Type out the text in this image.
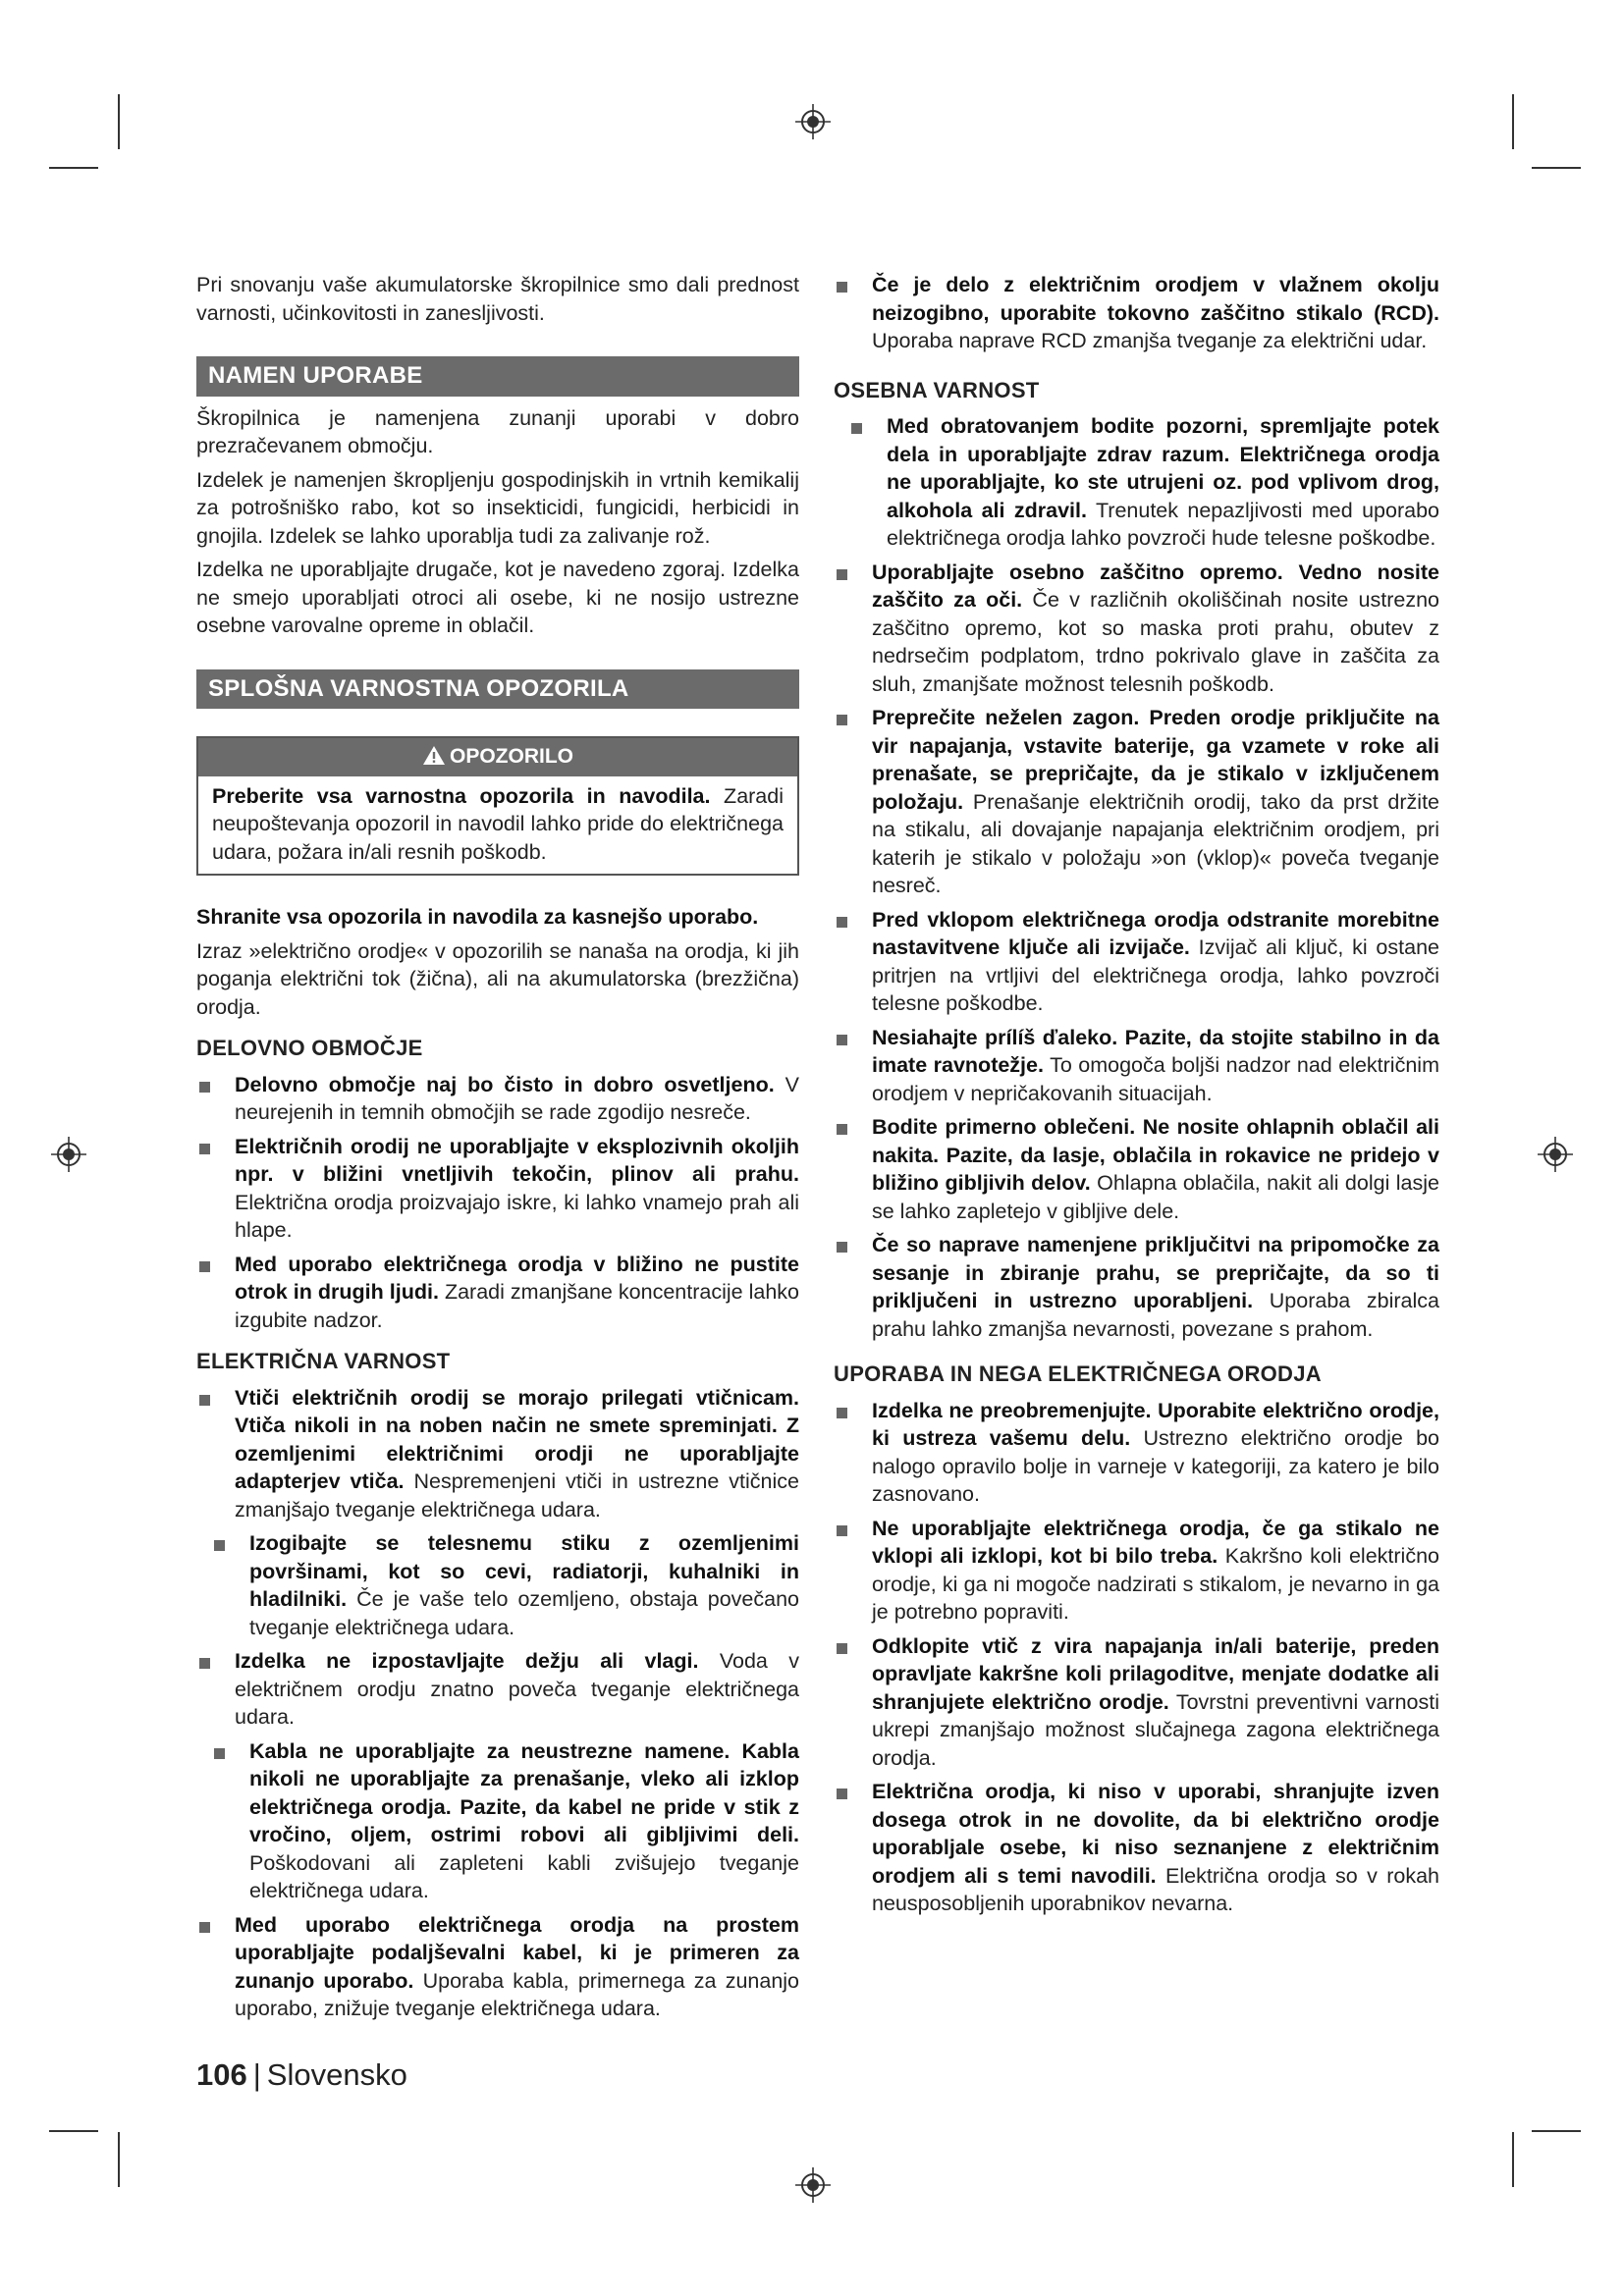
Pri snovanju vaše akumulatorske škropilnice smo dali prednost varnosti, učinkovitosti in zanesljivosti.

NAMEN UPORABE

Škropilnica je namenjena zunanji uporabi v dobro prezračevanem območju.

Izdelek je namenjen škropljenju gospodinjskih in vrtnih kemikalij za potrošniško rabo, kot so insekticidi, fungicidi, herbicidi in gnojila. Izdelek se lahko uporablja tudi za zalivanje rož.

Izdelka ne uporabljajte drugače, kot je navedeno zgoraj. Izdelka ne smejo uporabljati otroci ali osebe, ki ne nosijo ustrezne osebne varovalne opreme in oblačil.

SPLOŠNA VARNOSTNA OPOZORILA
OPOZORILO

Preberite vsa varnostna opozorila in navodila. Zaradi neupoštevanja opozoril in navodil lahko pride do električnega udara, požara in/ali resnih poškodb.

Shranite vsa opozorila in navodila za kasnejšo uporabo.

Izraz »električno orodje« v opozorilih se nanaša na orodja, ki jih poganja električni tok (žična), ali na akumulatorska (brezžična) orodja.

DELOVNO OBMOČJE
Delovno območje naj bo čisto in dobro osvetljeno. V neurejenih in temnih območjih se rade zgodijo nesreče.
Električnih orodij ne uporabljajte v eksplozivnih okoljih npr. v bližini vnetljivih tekočin, plinov ali prahu. Električna orodja proizvajajo iskre, ki lahko vnamejo prah ali hlape.
Med uporabo električnega orodja v bližino ne pustite otrok in drugih ljudi. Zaradi zmanjšane koncentracije lahko izgubite nadzor.
ELEKTRIČNA VARNOST
Vtiči električnih orodij se morajo prilegati vtičnicam. Vtiča nikoli in na noben način ne smete spreminjati. Z ozemljenimi električnimi orodji ne uporabljajte adapterjev vtiča. Nespremenjeni vtiči in ustrezne vtičnice zmanjšajo tveganje električnega udara.
Izogibajte se telesnemu stiku z ozemljenimi površinami, kot so cevi, radiatorji, kuhalniki in hladilniki. Če je vaše telo ozemljeno, obstaja povečano tveganje električnega udara.
Izdelka ne izpostavljajte dežju ali vlagi. Voda v električnem orodju znatno poveča tveganje električnega udara.
Kabla ne uporabljajte za neustrezne namene. Kabla nikoli ne uporabljajte za prenašanje, vleko ali izklop električnega orodja. Pazite, da kabel ne pride v stik z vročino, oljem, ostrimi robovi ali gibljivimi deli. Poškodovani ali zapleteni kabli zvišujejo tveganje električnega udara.
Med uporabo električnega orodja na prostem uporabljajte podaljševalni kabel, ki je primeren za zunanjo uporabo. Uporaba kabla, primernega za zunanjo uporabo, znižuje tveganje električnega udara.
Če je delo z električnim orodjem v vlažnem okolju neizogibno, uporabite tokovno zaščitno stikalo (RCD). Uporaba naprave RCD zmanjša tveganje za električni udar.
OSEBNA VARNOST
Med obratovanjem bodite pozorni, spremljajte potek dela in uporabljajte zdrav razum. Električnega orodja ne uporabljajte, ko ste utrujeni oz. pod vplivom drog, alkohola ali zdravil. Trenutek nepazljivosti med uporabo električnega orodja lahko povzroči hude telesne poškodbe.
Uporabljajte osebno zaščitno opremo. Vedno nosite zaščito za oči. Če v različnih okoliščinah nosite ustrezno zaščitno opremo, kot so maska proti prahu, obutev z nedrsečim podplatom, trdno pokrivalo glave in zaščita za sluh, zmanjšate možnost telesnih poškodb.
Preprečite neželen zagon. Preden orodje priključite na vir napajanja, vstavite baterije, ga vzamete v roke ali prenašate, se prepričajte, da je stikalo v izključenem položaju. Prenašanje električnih orodij, tako da prst držite na stikalu, ali dovajanje napajanja električnim orodjem, pri katerih je stikalo v položaju »on (vklop)« poveča tveganje nesreč.
Pred vklopom električnega orodja odstranite morebitne nastavitvene ključe ali izvijače. Izvijač ali ključ, ki ostane pritrjen na vrtljivi del električnega orodja, lahko povzroči telesne poškodbe.
Nesiahajte prílíš ďaleko. Pazite, da stojite stabilno in da imate ravnotežje. To omogoča boljši nadzor nad električnim orodjem v nepričakovanih situacijah.
Bodite primerno oblečeni. Ne nosite ohlapnih oblačil ali nakita. Pazite, da lasje, oblačila in rokavice ne pridejo v bližino gibljivih delov. Ohlapna oblačila, nakit ali dolgi lasje se lahko zapletejo v gibljive dele.
Če so naprave namenjene priključitvi na pripomočke za sesanje in zbiranje prahu, se prepričajte, da so ti priključeni in ustrezno uporabljeni. Uporaba zbiralca prahu lahko zmanjša nevarnosti, povezane s prahom.
UPORABA IN NEGA ELEKTRIČNEGA ORODJA
Izdelka ne preobremenjujte. Uporabite električno orodje, ki ustreza vašemu delu. Ustrezno električno orodje bo nalogo opravilo bolje in varneje v kategoriji, za katero je bilo zasnovano.
Ne uporabljajte električnega orodja, če ga stikalo ne vklopi ali izklopi, kot bi bilo treba. Kakršno koli električno orodje, ki ga ni mogoče nadzirati s stikalom, je nevarno in ga je potrebno popraviti.
Odklopite vtič z vira napajanja in/ali baterije, preden opravljate kakršne koli prilagoditve, menjate dodatke ali shranjujete električno orodje. Tovrstni preventivni varnosti ukrepi zmanjšajo možnost slučajnega zagona električnega orodja.
Električna orodja, ki niso v uporabi, shranjujte izven dosega otrok in ne dovolite, da bi električno orodje uporabljale osebe, ki niso seznanjene z električnim orodjem ali s temi navodili. Električna orodja so v rokah neusposobljenih uporabnikov nevarna.
106 | Slovensko
